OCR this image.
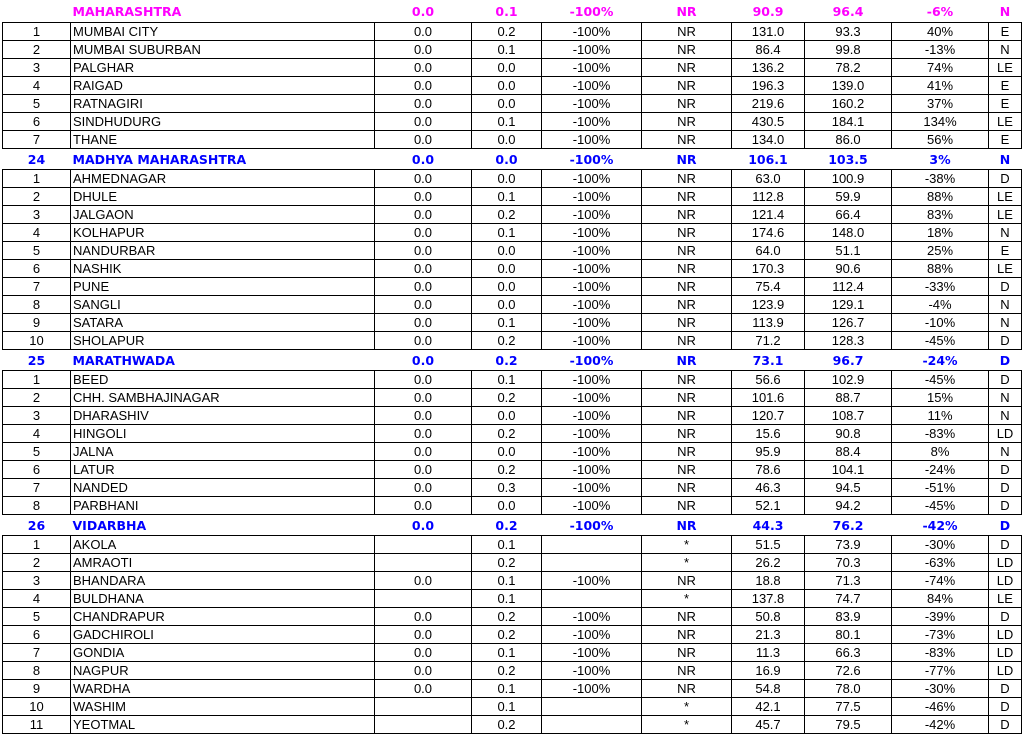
	MAHARASHTRA	0.0	0.1	-100%	NR	90.9	96.4	-6%	N
1	MUMBAI CITY	0.0	0.2	-100%	NR	131.0	93.3	40%	E
2	MUMBAI SUBURBAN	0.0	0.1	-100%	NR	86.4	99.8	-13%	N
3	PALGHAR	0.0	0.0	-100%	NR	136.2	78.2	74%	LE
4	RAIGAD	0.0	0.0	-100%	NR	196.3	139.0	41%	E
5	RATNAGIRI	0.0	0.0	-100%	NR	219.6	160.2	37%	E
6	SINDHUDURG	0.0	0.1	-100%	NR	430.5	184.1	134%	LE
7	THANE	0.0	0.0	-100%	NR	134.0	86.0	56%	E
24	MADHYA MAHARASHTRA	0.0	0.0	-100%	NR	106.1	103.5	3%	N
1	AHMEDNAGAR	0.0	0.0	-100%	NR	63.0	100.9	-38%	D
2	DHULE	0.0	0.1	-100%	NR	112.8	59.9	88%	LE
3	JALGAON	0.0	0.2	-100%	NR	121.4	66.4	83%	LE
4	KOLHAPUR	0.0	0.1	-100%	NR	174.6	148.0	18%	N
5	NANDURBAR	0.0	0.0	-100%	NR	64.0	51.1	25%	E
6	NASHIK	0.0	0.0	-100%	NR	170.3	90.6	88%	LE
7	PUNE	0.0	0.0	-100%	NR	75.4	112.4	-33%	D
8	SANGLI	0.0	0.0	-100%	NR	123.9	129.1	-4%	N
9	SATARA	0.0	0.1	-100%	NR	113.9	126.7	-10%	N
10	SHOLAPUR	0.0	0.2	-100%	NR	71.2	128.3	-45%	D
25	MARATHWADA	0.0	0.2	-100%	NR	73.1	96.7	-24%	D
1	BEED	0.0	0.1	-100%	NR	56.6	102.9	-45%	D
2	CHH. SAMBHAJINAGAR	0.0	0.2	-100%	NR	101.6	88.7	15%	N
3	DHARASHIV	0.0	0.0	-100%	NR	120.7	108.7	11%	N
4	HINGOLI	0.0	0.2	-100%	NR	15.6	90.8	-83%	LD
5	JALNA	0.0	0.0	-100%	NR	95.9	88.4	8%	N
6	LATUR	0.0	0.2	-100%	NR	78.6	104.1	-24%	D
7	NANDED	0.0	0.3	-100%	NR	46.3	94.5	-51%	D
8	PARBHANI	0.0	0.0	-100%	NR	52.1	94.2	-45%	D
26	VIDARBHA	0.0	0.2	-100%	NR	44.3	76.2	-42%	D
1	AKOLA		0.1		*	51.5	73.9	-30%	D
2	AMRAOTI		0.2		*	26.2	70.3	-63%	LD
3	BHANDARA	0.0	0.1	-100%	NR	18.8	71.3	-74%	LD
4	BULDHANA		0.1		*	137.8	74.7	84%	LE
5	CHANDRAPUR	0.0	0.2	-100%	NR	50.8	83.9	-39%	D
6	GADCHIROLI	0.0	0.2	-100%	NR	21.3	80.1	-73%	LD
7	GONDIA	0.0	0.1	-100%	NR	11.3	66.3	-83%	LD
8	NAGPUR	0.0	0.2	-100%	NR	16.9	72.6	-77%	LD
9	WARDHA	0.0	0.1	-100%	NR	54.8	78.0	-30%	D
10	WASHIM		0.1		*	42.1	77.5	-46%	D
11	YEOTMAL		0.2		*	45.7	79.5	-42%	D
